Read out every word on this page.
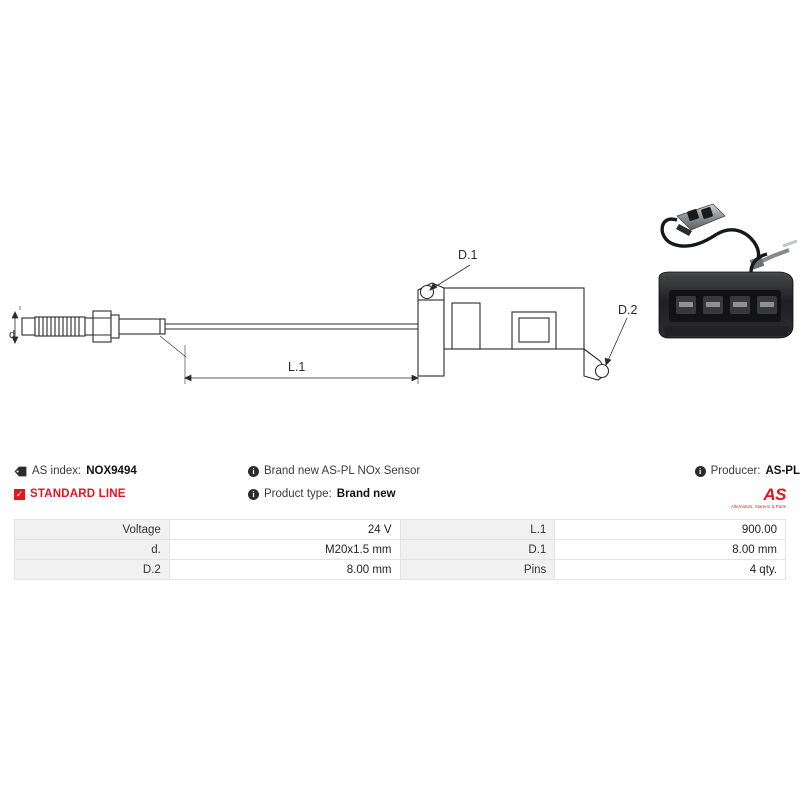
d.
L.1
D.1
D.2
AS index: NOX9494
✓ STANDARD LINE
i Brand new AS-PL NOx Sensor
i Product type: Brand new
i Producer: AS-PL
AS
Alternators, Starters & Parts
Voltage	24 V	L.1	900.00
d.	M20x1.5 mm	D.1	8.00 mm
D.2	8.00 mm	Pins	4 qty.
